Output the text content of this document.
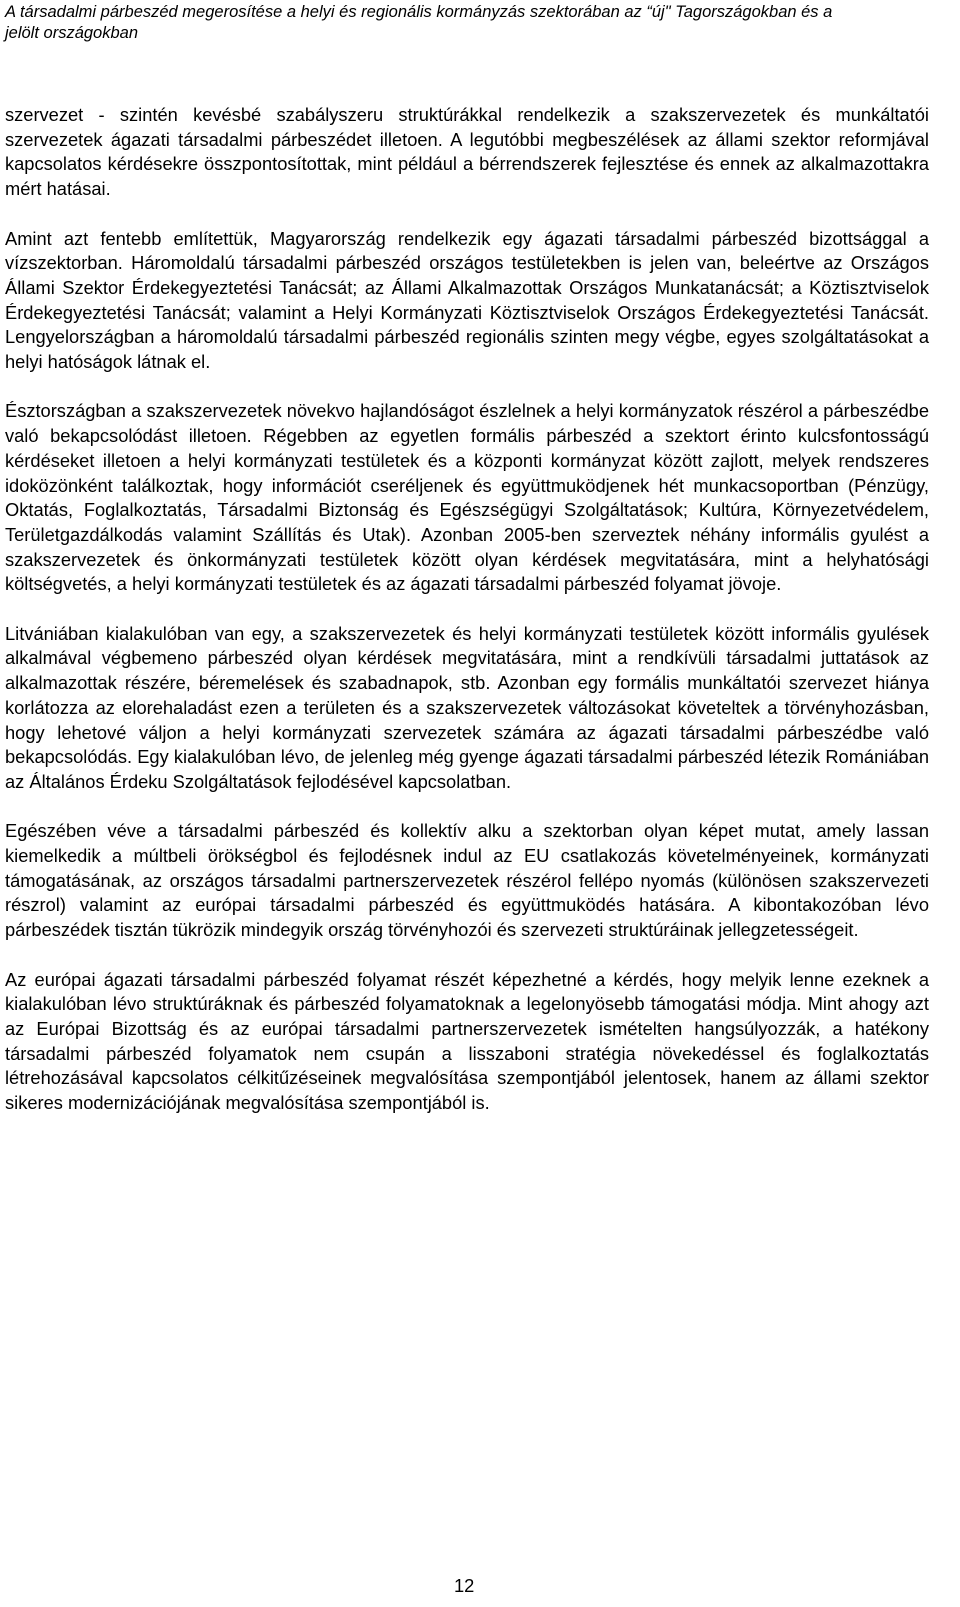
A társadalmi párbeszéd megerosítése a helyi és regionális kormányzás szektorában az “új" Tagországokban és a
jelölt országokban

szervezet - szintén kevésbé szabályszeru struktúrákkal rendelkezik a szakszervezetek és munkáltatói szervezetek ágazati társadalmi párbeszédet illetoen. A legutóbbi megbeszélések az állami szektor reformjával kapcsolatos kérdésekre összpontosítottak, mint például a bérrendszerek fejlesztése és ennek az alkalmazottakra mért hatásai.

Amint azt fentebb említettük, Magyarország rendelkezik egy ágazati társadalmi párbeszéd bizottsággal a vízszektorban. Háromoldalú társadalmi párbeszéd országos testületekben is jelen van, beleértve az Országos Állami Szektor Érdekegyeztetési Tanácsát; az Állami Alkalmazottak Országos Munkatanácsát; a Köztisztviselok Érdekegyeztetési Tanácsát; valamint a Helyi Kormányzati Köztisztviselok Országos Érdekegyeztetési Tanácsát. Lengyelországban a háromoldalú társadalmi párbeszéd regionális szinten megy végbe, egyes szolgáltatásokat a helyi hatóságok látnak el.

Észtországban a szakszervezetek növekvo hajlandóságot észlelnek a helyi kormányzatok részérol a párbeszédbe való bekapcsolódást illetoen. Régebben az egyetlen formális párbeszéd a szektort érinto kulcsfontosságú kérdéseket illetoen a helyi kormányzati testületek és a központi kormányzat között zajlott, melyek rendszeres idoközönként találkoztak, hogy információt cseréljenek és együttmuködjenek hét munkacsoportban (Pénzügy, Oktatás, Foglalkoztatás, Társadalmi Biztonság és Egészségügyi Szolgáltatások; Kultúra, Környezetvédelem, Területgazdálkodás valamint Szállítás és Utak). Azonban 2005-ben szerveztek néhány informális gyulést a szakszervezetek és önkormányzati testületek között olyan kérdések megvitatására, mint a helyhatósági költségvetés, a helyi kormányzati testületek és az ágazati társadalmi párbeszéd folyamat jövoje.

Litvániában kialakulóban van egy, a szakszervezetek és helyi kormányzati testületek között informális gyulések alkalmával végbemeno párbeszéd olyan kérdések megvitatására, mint a rendkívüli társadalmi juttatások az alkalmazottak részére, béremelések és szabadnapok, stb. Azonban egy formális munkáltatói szervezet hiánya korlátozza az elorehaladást ezen a területen és a szakszervezetek változásokat követeltek a törvényhozásban, hogy lehetové váljon a helyi kormányzati szervezetek számára az ágazati társadalmi párbeszédbe való bekapcsolódás. Egy kialakulóban lévo, de jelenleg még gyenge ágazati társadalmi párbeszéd létezik Romániában az Általános Érdeku Szolgáltatások fejlodésével kapcsolatban.

Egészében véve a társadalmi párbeszéd és kollektív alku a szektorban olyan képet mutat, amely lassan kiemelkedik a múltbeli örökségbol és fejlodésnek indul az EU csatlakozás követelményeinek, kormányzati támogatásának, az országos társadalmi partnerszervezetek részérol fellépo nyomás (különösen szakszervezeti részrol) valamint az európai társadalmi párbeszéd és együttmuködés hatására. A kibontakozóban lévo párbeszédek tisztán tükrözik mindegyik ország törvényhozói és szervezeti struktúráinak jellegzetességeit.

Az európai ágazati társadalmi párbeszéd folyamat részét képezhetné a kérdés, hogy melyik lenne ezeknek a kialakulóban lévo struktúráknak és párbeszéd folyamatoknak a legelonyösebb támogatási módja. Mint ahogy azt az Európai Bizottság és az európai társadalmi partnerszervezetek ismételten hangsúlyozzák, a hatékony társadalmi párbeszéd folyamatok nem csupán a lisszaboni stratégia növekedéssel és foglalkoztatás létrehozásával kapcsolatos célkitűzéseinek megvalósítása szempontjából jelentosek, hanem az állami szektor sikeres modernizációjának megvalósítása szempontjából is.

12
